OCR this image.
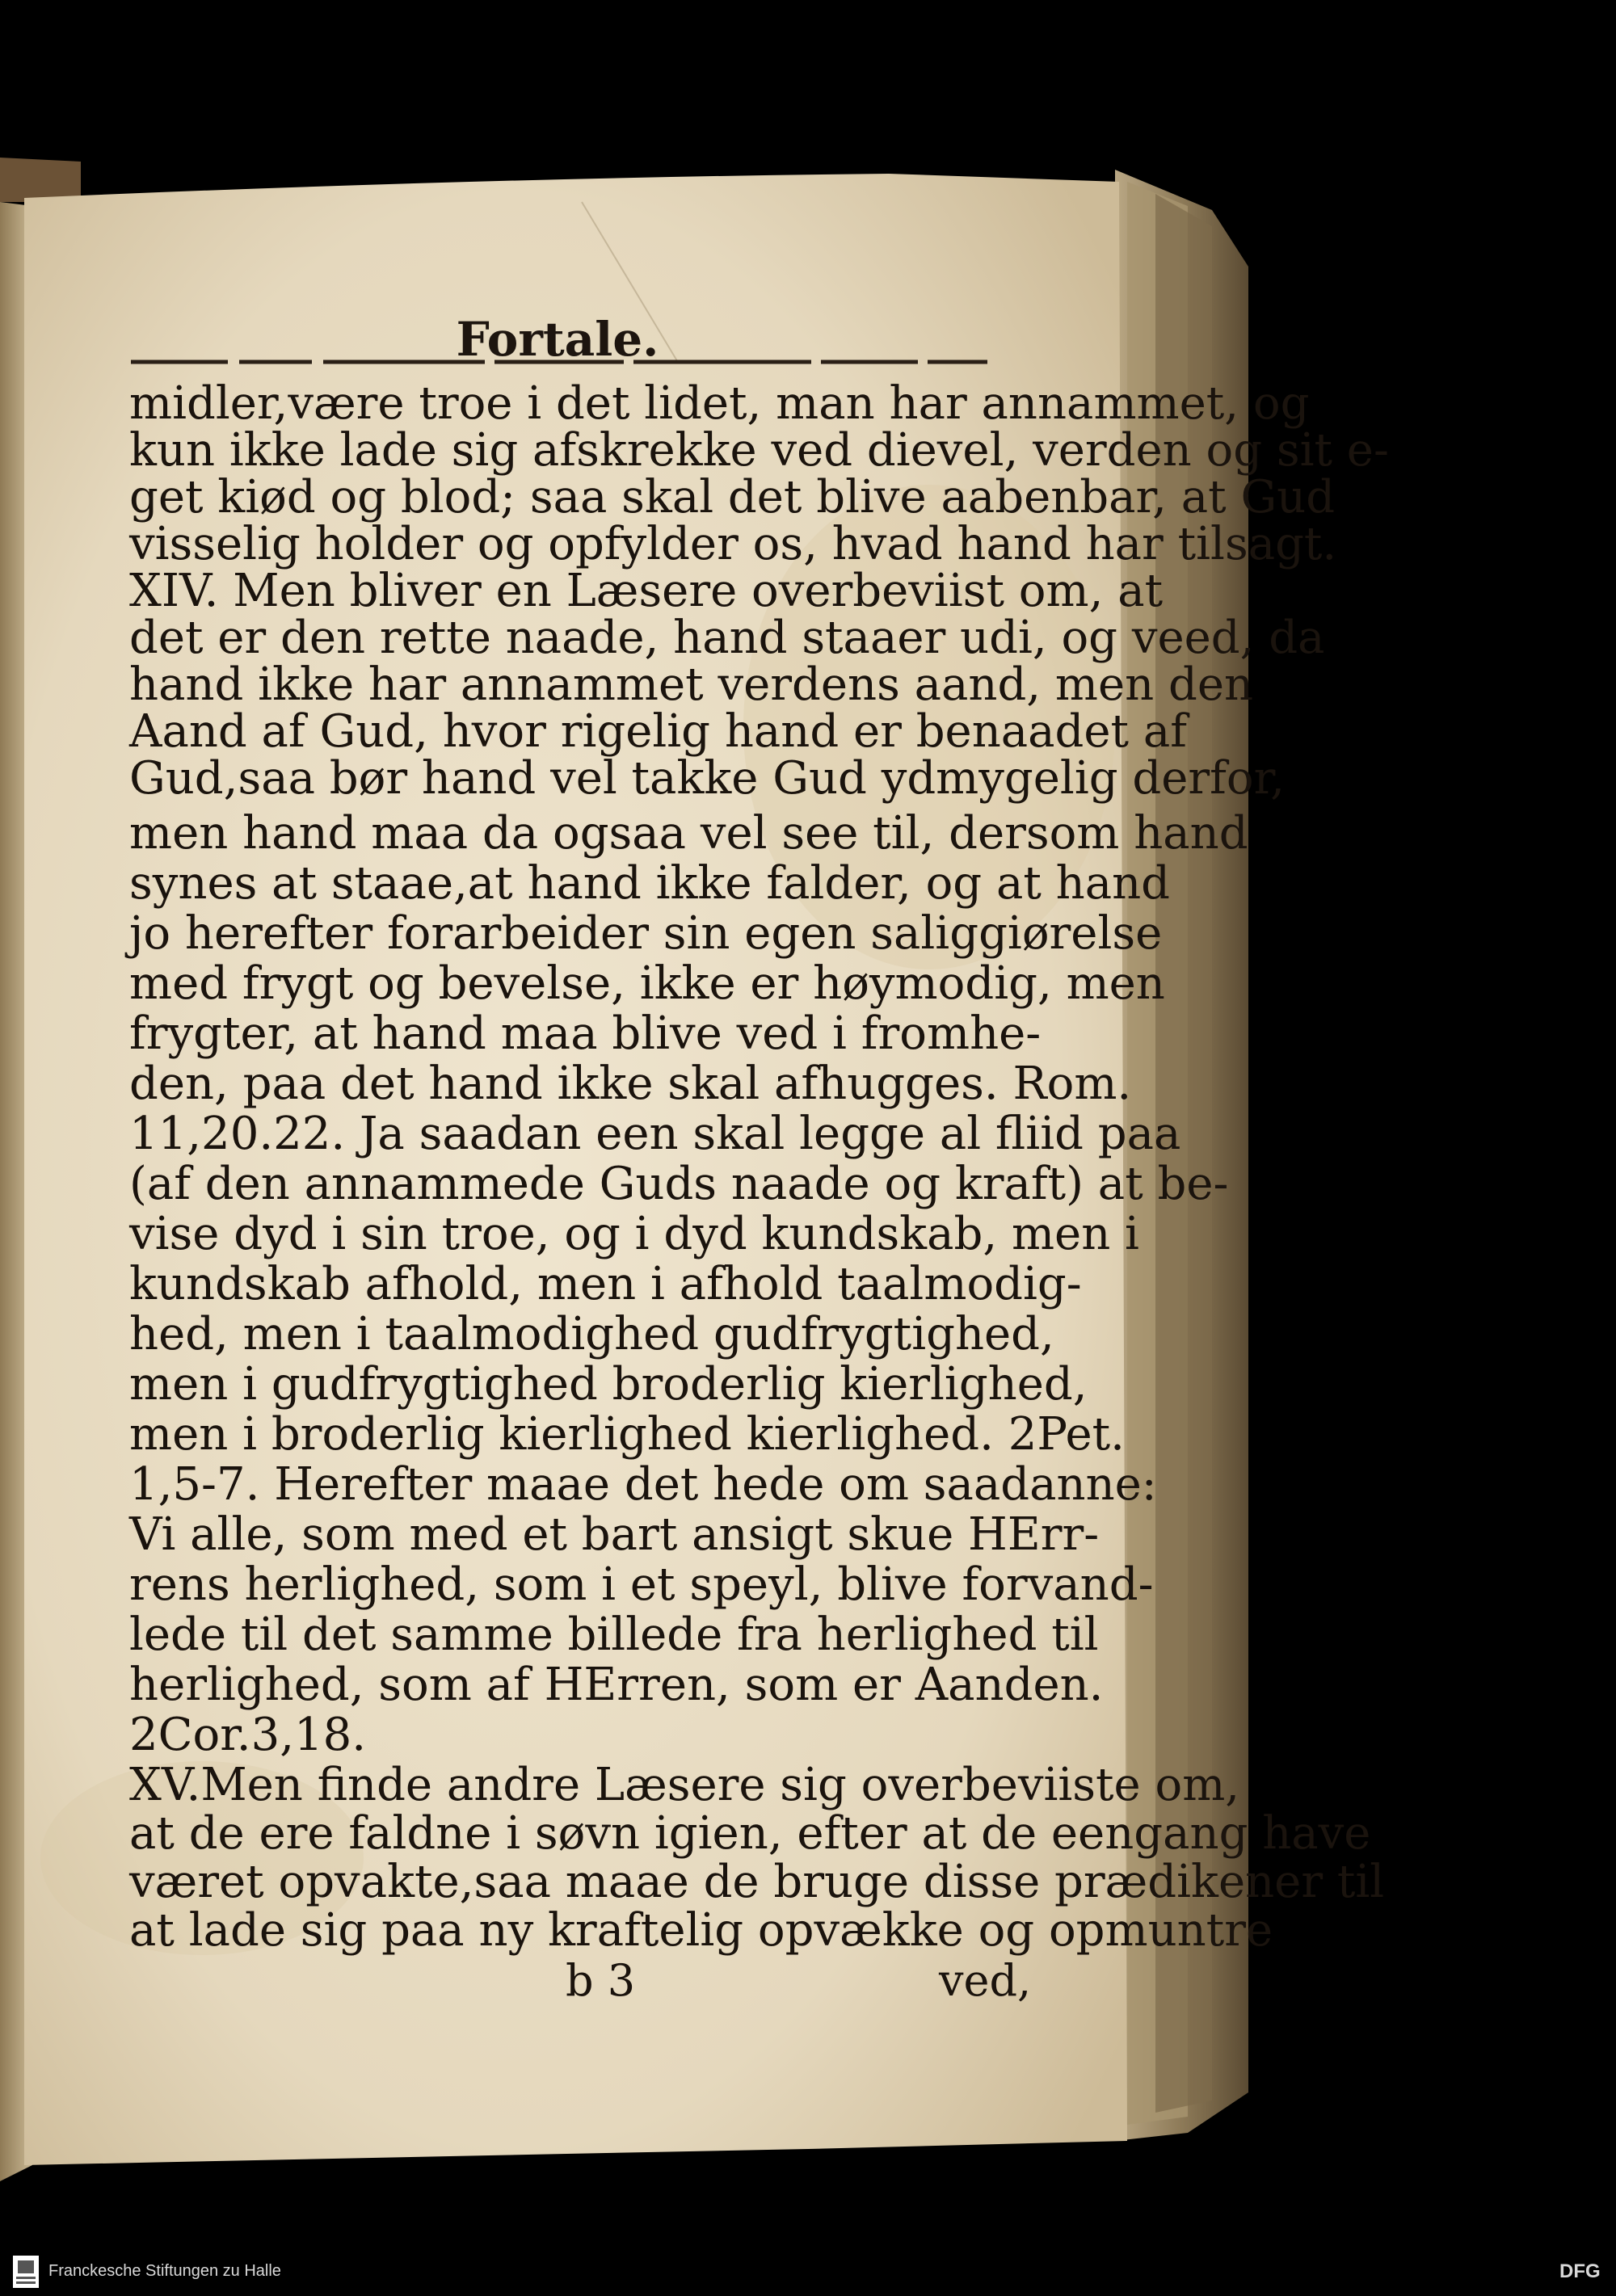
Fortale.
midler,være troe i det lidet, man har annammet, og
kun ikke lade sig afskrekke ved dievel, verden og sit e-
get kiød og blod; saa skal det blive aabenbar, at Gud
visselig holder og opfylder os, hvad hand har tilsagt.
XIV. Men bliver en Læsere overbeviist om, at
det er den rette naade, hand staaer udi, og veed, da
hand ikke har annammet verdens aand, men den
Aand af Gud, hvor rigelig hand er benaadet af
Gud,saa bør hand vel takke Gud ydmygelig derfor,
men hand maa da ogsaa vel see til, dersom hand
synes at staae,at hand ikke falder, og at hand
jo herefter forarbeider sin egen saliggiørelse
med frygt og bevelse, ikke er høymodig, men
frygter, at hand maa blive ved i fromhe-
den, paa det hand ikke skal afhugges. Rom.
11,20.22. Ja saadan een skal legge al fliid paa
(af den annammede Guds naade og kraft) at be-
vise dyd i sin troe, og i dyd kundskab, men i
kundskab afhold, men i afhold taalmodig-
hed, men i taalmodighed gudfrygtighed,
men i gudfrygtighed broderlig kierlighed,
men i broderlig kierlighed kierlighed. 2Pet.
1,5-7. Herefter maae det hede om saadanne:
Vi alle, som med et bart ansigt skue HErr-
rens herlighed, som i et speyl, blive forvand-
lede til det samme billede fra herlighed til
herlighed, som af HErren, som er Aanden.
2Cor.3,18.
XV.Men finde andre Læsere sig overbeviiste om,
at de ere faldne i søvn igien, efter at de eengang have
været opvakte,saa maae de bruge disse prædikener til
at lade sig paa ny kraftelig opvække og opmuntre
b 3	ved,
Franckesche Stiftungen zu Halle	DFG
